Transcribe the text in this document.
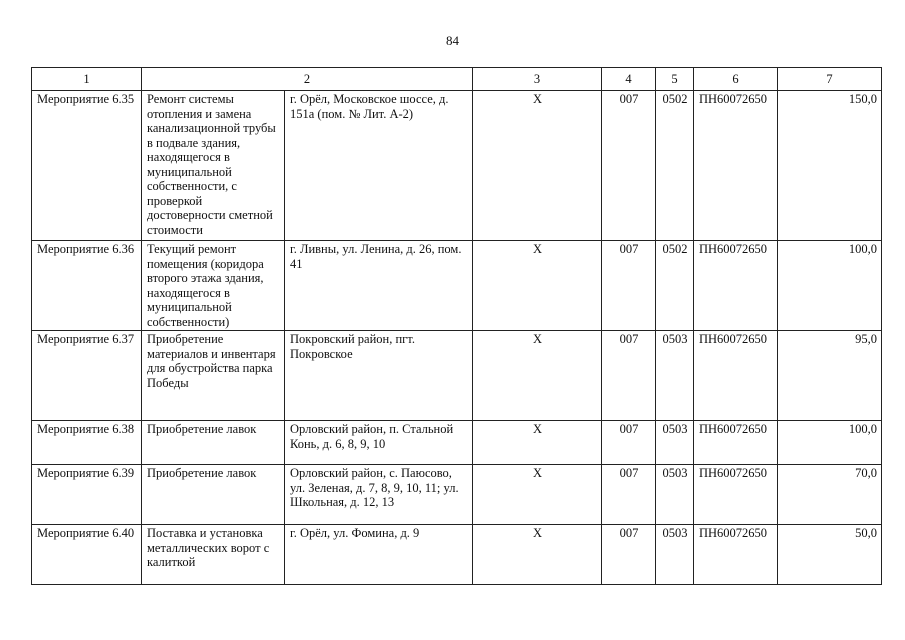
84
1	2		3	4	5	6	7
Мероприятие 6.35	Ремонт системы отопления и замена канализационной трубы в подвале здания, находящегося в муниципальной собственности, с проверкой достоверности сметной стоимости	г. Орёл, Московское шоссе, д. 151а (пом. № Лит. А-2)	Х	007	0502	ПН60072650	150,0
Мероприятие 6.36	Текущий ремонт помещения (коридора второго этажа здания, находящегося в муниципальной собственности)	г. Ливны, ул. Ленина, д. 26, пом. 41	Х	007	0502	ПН60072650	100,0
Мероприятие 6.37	Приобретение материалов и инвентаря для обустройства парка Победы	Покровский район, пгт. Покровское	Х	007	0503	ПН60072650	95,0
Мероприятие 6.38	Приобретение лавок	Орловский район, п. Стальной Конь, д. 6, 8, 9, 10	Х	007	0503	ПН60072650	100,0
Мероприятие 6.39	Приобретение лавок	Орловский район, с. Паюсово, ул. Зеленая, д. 7, 8, 9, 10, 11; ул. Школьная, д. 12, 13	Х	007	0503	ПН60072650	70,0
Мероприятие 6.40	Поставка и установка металлических ворот с калиткой	г. Орёл, ул. Фомина, д. 9	Х	007	0503	ПН60072650	50,0
